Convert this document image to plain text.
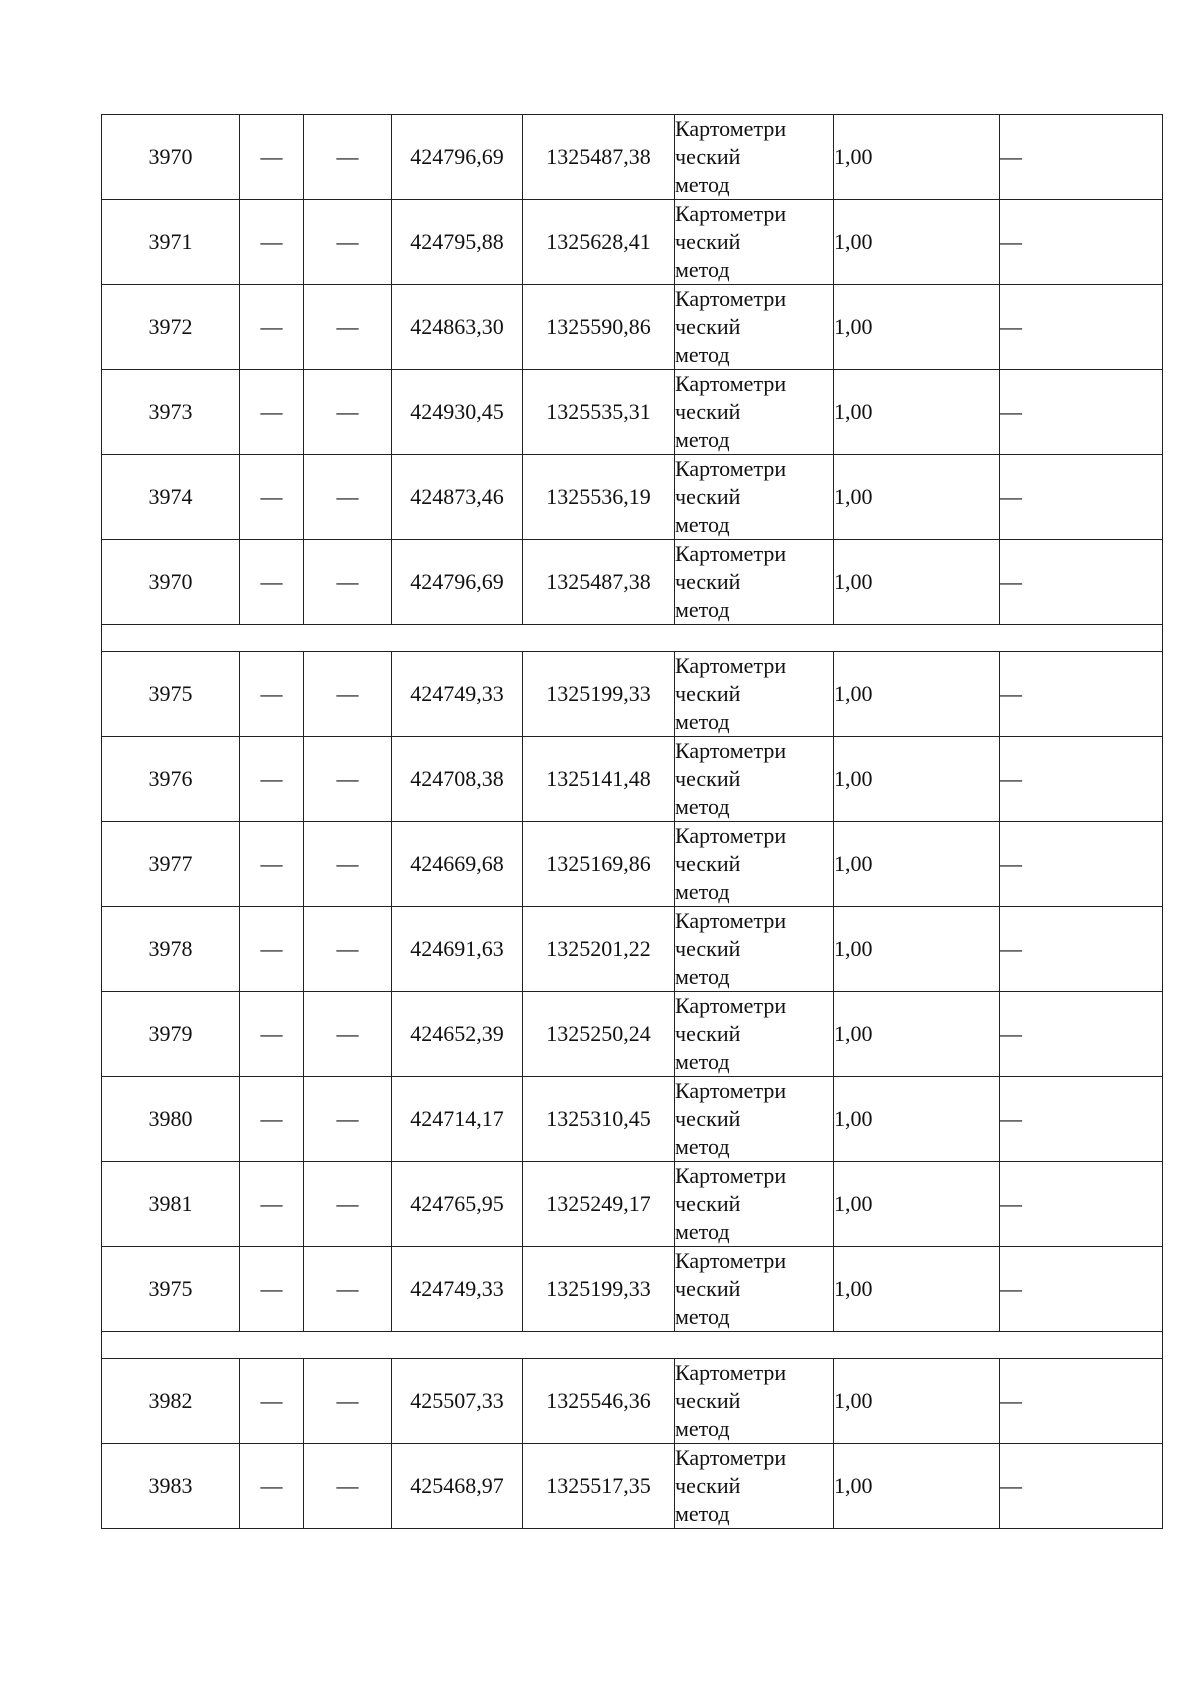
3970	—	—	424796,69	1325487,38	Картометри
ческий
метод	1,00	—
3971	—	—	424795,88	1325628,41	Картометри
ческий
метод	1,00	—
3972	—	—	424863,30	1325590,86	Картометри
ческий
метод	1,00	—
3973	—	—	424930,45	1325535,31	Картометри
ческий
метод	1,00	—
3974	—	—	424873,46	1325536,19	Картометри
ческий
метод	1,00	—
3970	—	—	424796,69	1325487,38	Картометри
ческий
метод	1,00	—

3975	—	—	424749,33	1325199,33	Картометри
ческий
метод	1,00	—
3976	—	—	424708,38	1325141,48	Картометри
ческий
метод	1,00	—
3977	—	—	424669,68	1325169,86	Картометри
ческий
метод	1,00	—
3978	—	—	424691,63	1325201,22	Картометри
ческий
метод	1,00	—
3979	—	—	424652,39	1325250,24	Картометри
ческий
метод	1,00	—
3980	—	—	424714,17	1325310,45	Картометри
ческий
метод	1,00	—
3981	—	—	424765,95	1325249,17	Картометри
ческий
метод	1,00	—
3975	—	—	424749,33	1325199,33	Картометри
ческий
метод	1,00	—

3982	—	—	425507,33	1325546,36	Картометри
ческий
метод	1,00	—
3983	—	—	425468,97	1325517,35	Картометри
ческий
метод	1,00	—
